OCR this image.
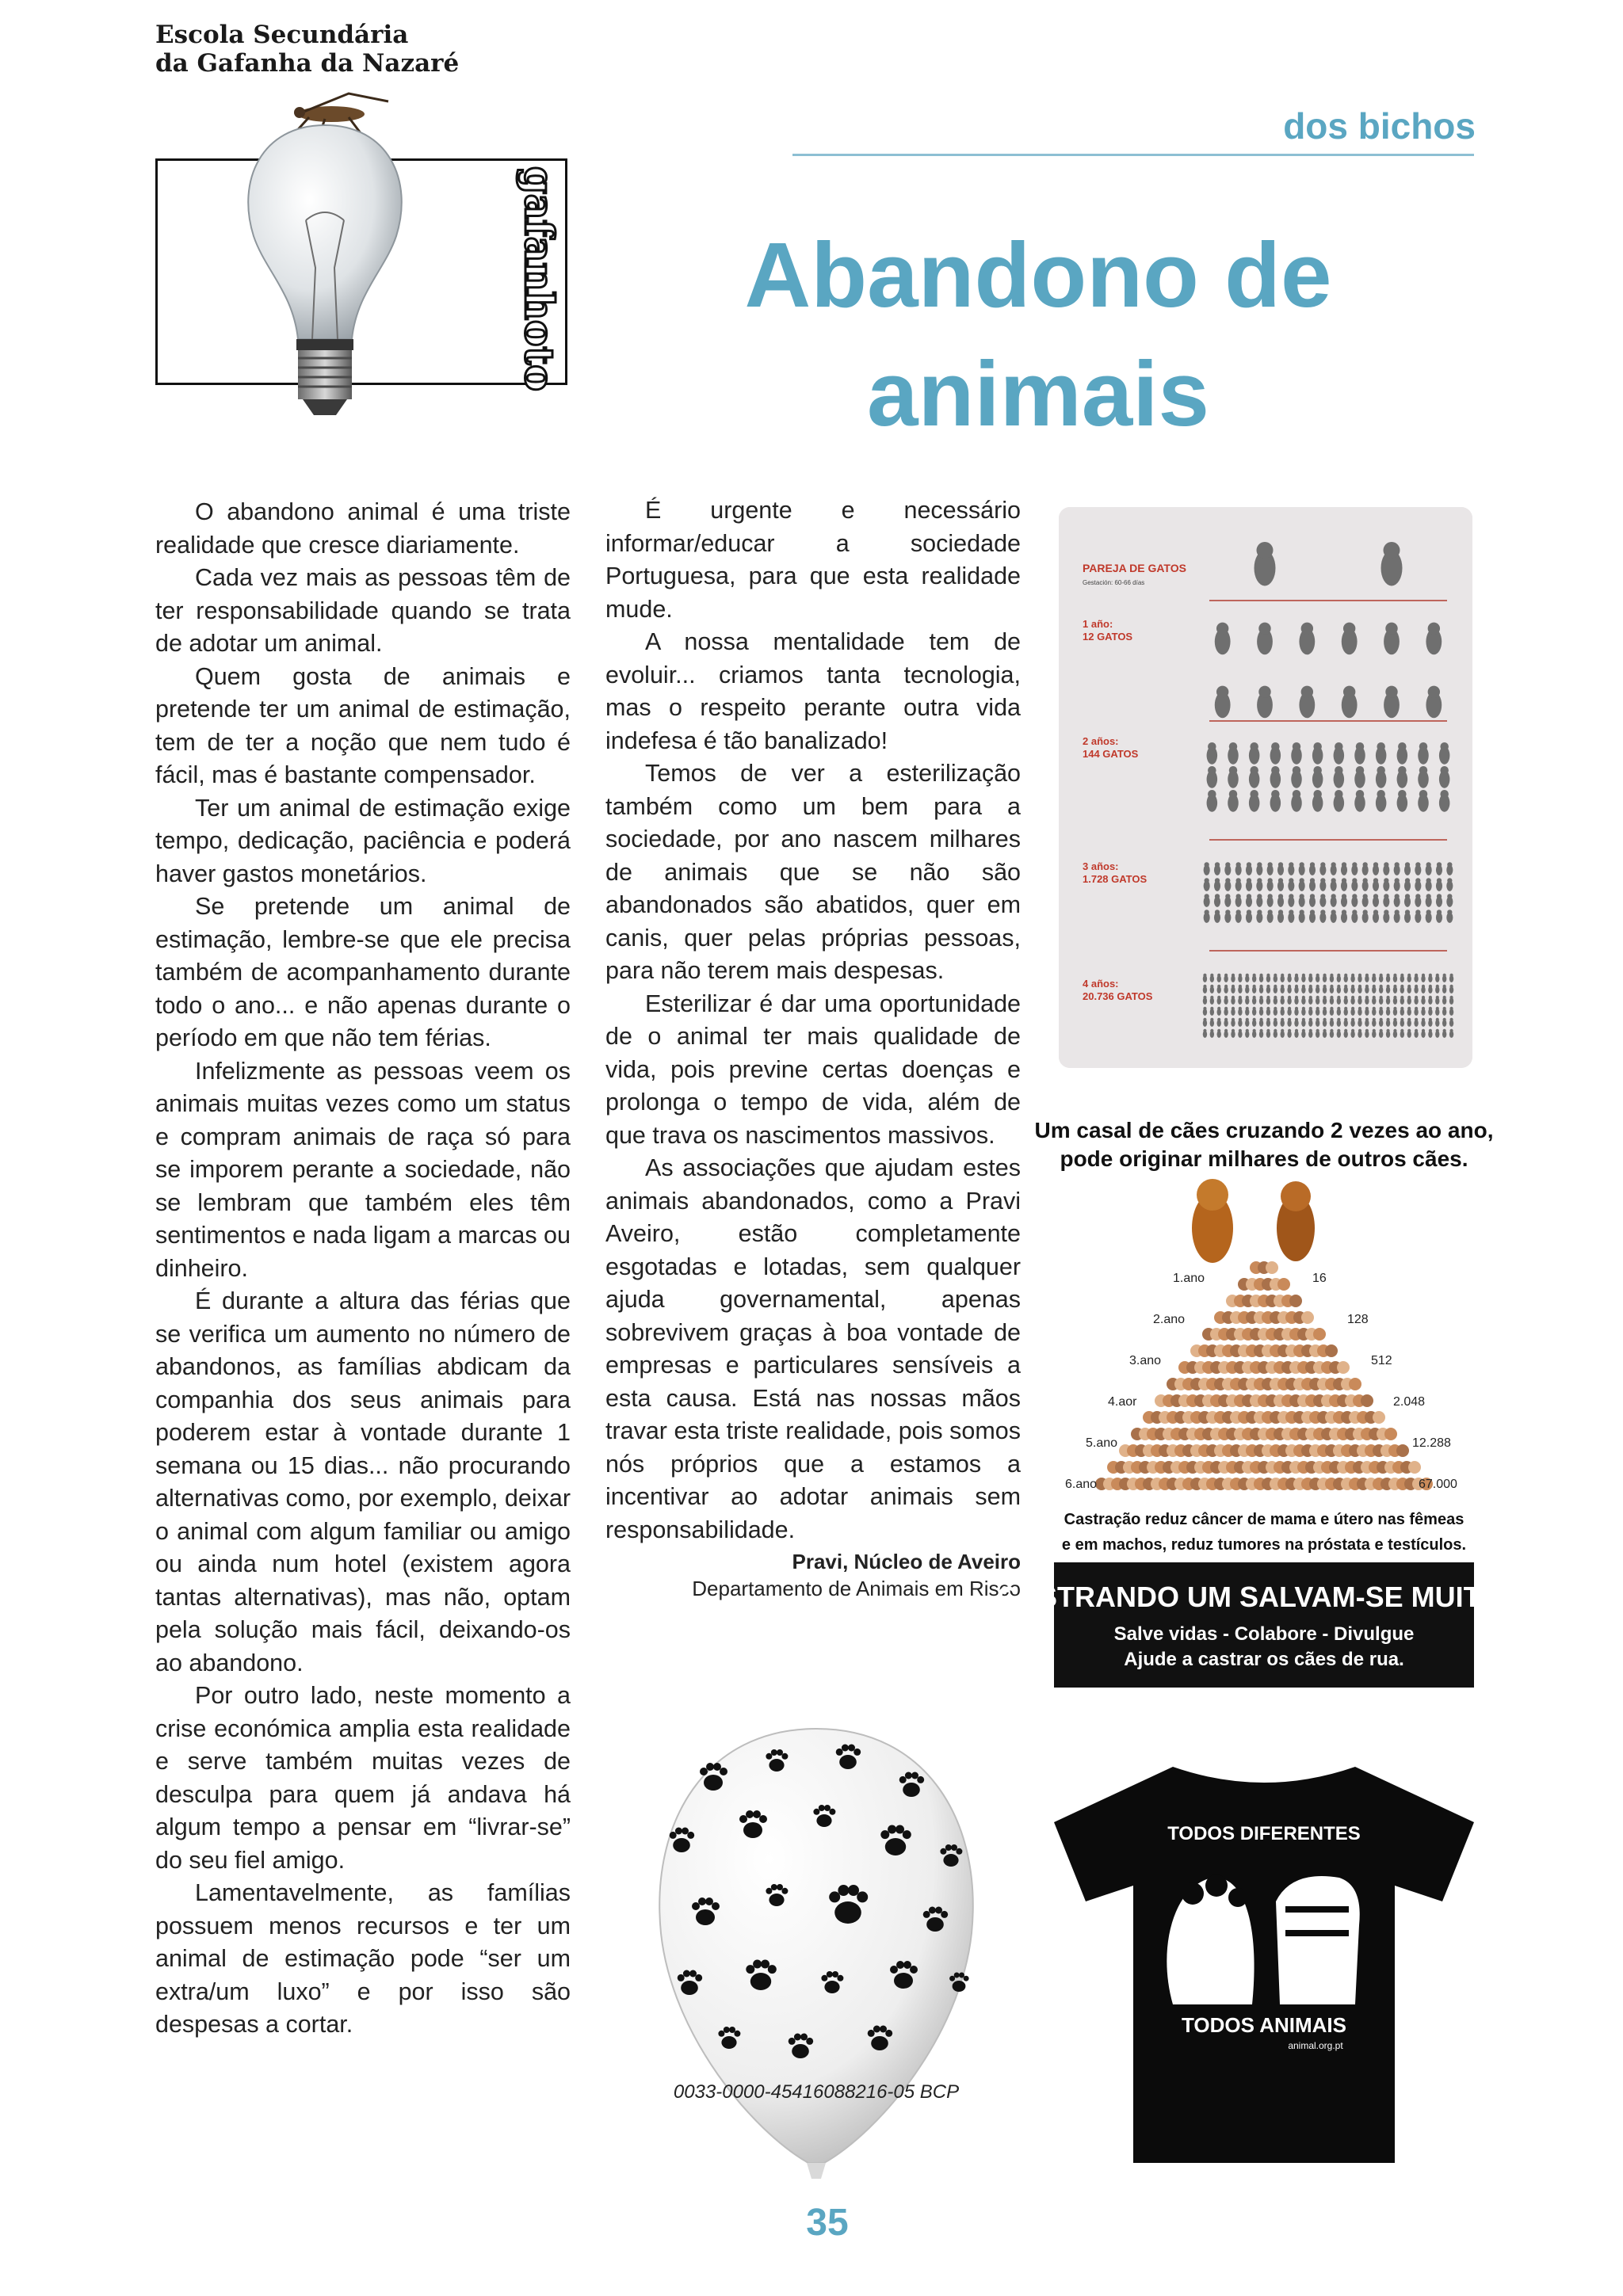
Escola Secundária
da Gafanha da Nazaré
gafanhoto
dos bichos
Abandono de
animais

O abandono animal é uma triste realidade que cresce diariamente.

Cada vez mais as pessoas têm de ter responsabilidade quando se trata de adotar um animal.

Quem gosta de animais e pretende ter um animal de estimação, tem de ter a noção que nem tudo é fácil, mas é bastante compensador.

Ter um animal de estimação exige tempo, dedicação, paciência e poderá haver gastos monetários.

Se pretende um animal de estimação, lembre-se que ele precisa também de acompanhamento durante todo o ano... e não apenas durante o período em que não tem férias.

Infelizmente as pessoas veem os animais muitas vezes como um status e compram animais de raça só para se imporem perante a sociedade, não se lembram que também eles têm sentimentos e nada ligam a marcas ou dinheiro.

É durante a altura das férias que se verifica um aumento no número de abandonos, as famílias abdicam da companhia dos seus animais para poderem estar à vontade durante 1 semana ou 15 dias... não procurando alternativas como, por exemplo, deixar o animal com algum familiar ou amigo ou ainda num hotel (existem agora tantas alternativas), mas não, optam pela solução mais fácil, deixando-os ao abandono.

Por outro lado, neste momento a crise económica amplia esta realidade e serve também muitas vezes de desculpa para quem já andava há algum tempo a pensar em “livrar-se” do seu fiel amigo.

Lamentavelmente, as famílias possuem menos recursos e ter um animal de estimação pode “ser um extra/um luxo” e por isso são despesas a cortar.

É urgente e necessário informar/educar a sociedade Portuguesa, para que esta realidade mude.

A nossa mentalidade tem de evoluir... criamos tanta tecnologia, mas o respeito perante outra vida indefesa é tão banalizado!

Temos de ver a esterilização também como um bem para a sociedade, por ano nascem milhares de animais que se não são abandonados são abatidos, quer em canis, quer pelas próprias pessoas, para não terem mais despesas.

Esterilizar é dar uma oportunidade de o animal ter mais qualidade de vida, pois previne certas doenças e prolonga o tempo de vida, além de que trava os nascimentos massivos.

As associações que ajudam estes animais abandonados, como a Pravi Aveiro, estão completamente esgotadas e lotadas, sem qualquer ajuda governamental, apenas sobrevivem graças à boa vontade de empresas e particulares sensíveis a esta causa. Está nas nossas mãos travar esta triste realidade, pois somos nós próprios que a estamos a incentivar ao adotar animais sem responsabilidade.

Pravi, Núcleo de Aveiro
Departamento de Animais em Risco
PAREJA DE GATOS
Gestación: 60-66 días
1 año:
12 GATOS
2 años:
144 GATOS
3 años:
1.728 GATOS
4 años:
20.736 GATOS
Um casal de cães cruzando 2 vezes ao ano,
pode originar milhares de outros cães.
1.ano	16
2.ano	128
3.ano	512
4.aor	2.048
5.ano	12.288
6.ano	67.000
Castração reduz câncer de mama e útero nas fêmeas
e em machos, reduz tumores na próstata e testículos.
CASTRANDO UM SALVAM-SE MUITOS!
Salve vidas - Colabore - Divulgue
Ajude a castrar os cães de rua.
0033-0000-45416088216-05 BCP
TODOS DIFERENTES
TODOS ANIMAIS
animal.org.pt
35
